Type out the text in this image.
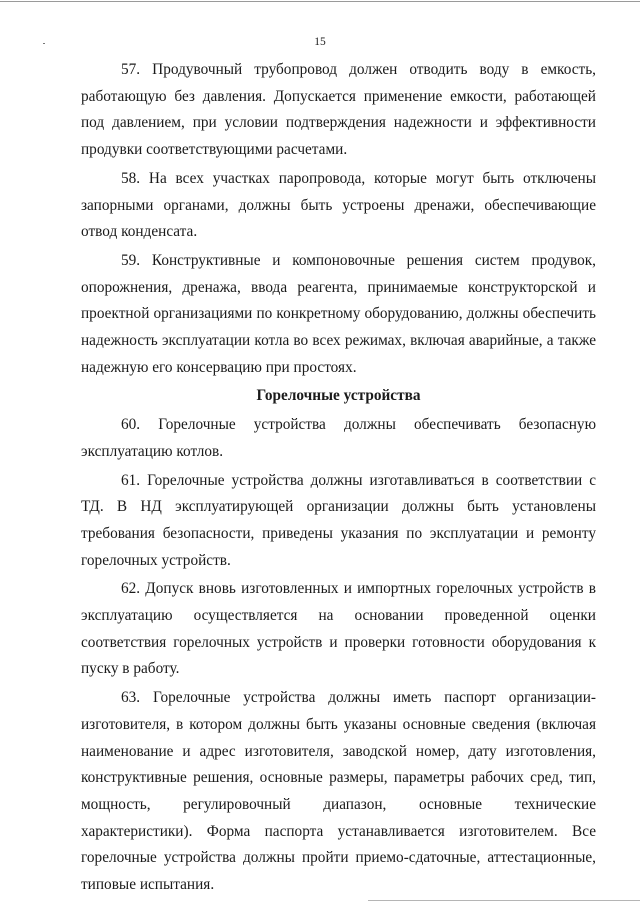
15

57. Продувочный трубопровод должен отводить воду в емкость, работающую без давления. Допускается применение емкости, работающей под давлением, при условии подтверждения надежности и эффективности продувки соответствующими расчетами.

58. На всех участках паропровода, которые могут быть отключены запорными органами, должны быть устроены дренажи, обеспечивающие отвод конденсата.

59. Конструктивные и компоновочные решения систем продувок, опорожнения, дренажа, ввода реагента, принимаемые конструкторской и проектной организациями по конкретному оборудованию, должны обеспечить надежность эксплуатации котла во всех режимах, включая аварийные, а также надежную его консервацию при простоях.

Горелочные устройства

60. Горелочные устройства должны обеспечивать безопасную эксплуатацию котлов.

61. Горелочные устройства должны изготавливаться в соответствии с ТД. В НД эксплуатирующей организации должны быть установлены требования безопасности, приведены указания по эксплуатации и ремонту горелочных устройств.

62. Допуск вновь изготовленных и импортных горелочных устройств в эксплуатацию осуществляется на основании проведенной оценки соответствия горелочных устройств и проверки готовности оборудования к пуску в работу.

63. Горелочные устройства должны иметь паспорт организации-изготовителя, в котором должны быть указаны основные сведения (включая наименование и адрес изготовителя, заводской номер, дату изготовления, конструктивные решения, основные размеры, параметры рабочих сред, тип, мощность, регулировочный диапазон, основные технические характеристики). Форма паспорта устанавливается изготовителем. Все горелочные устройства должны пройти приемо-сдаточные, аттестационные, типовые испытания.
